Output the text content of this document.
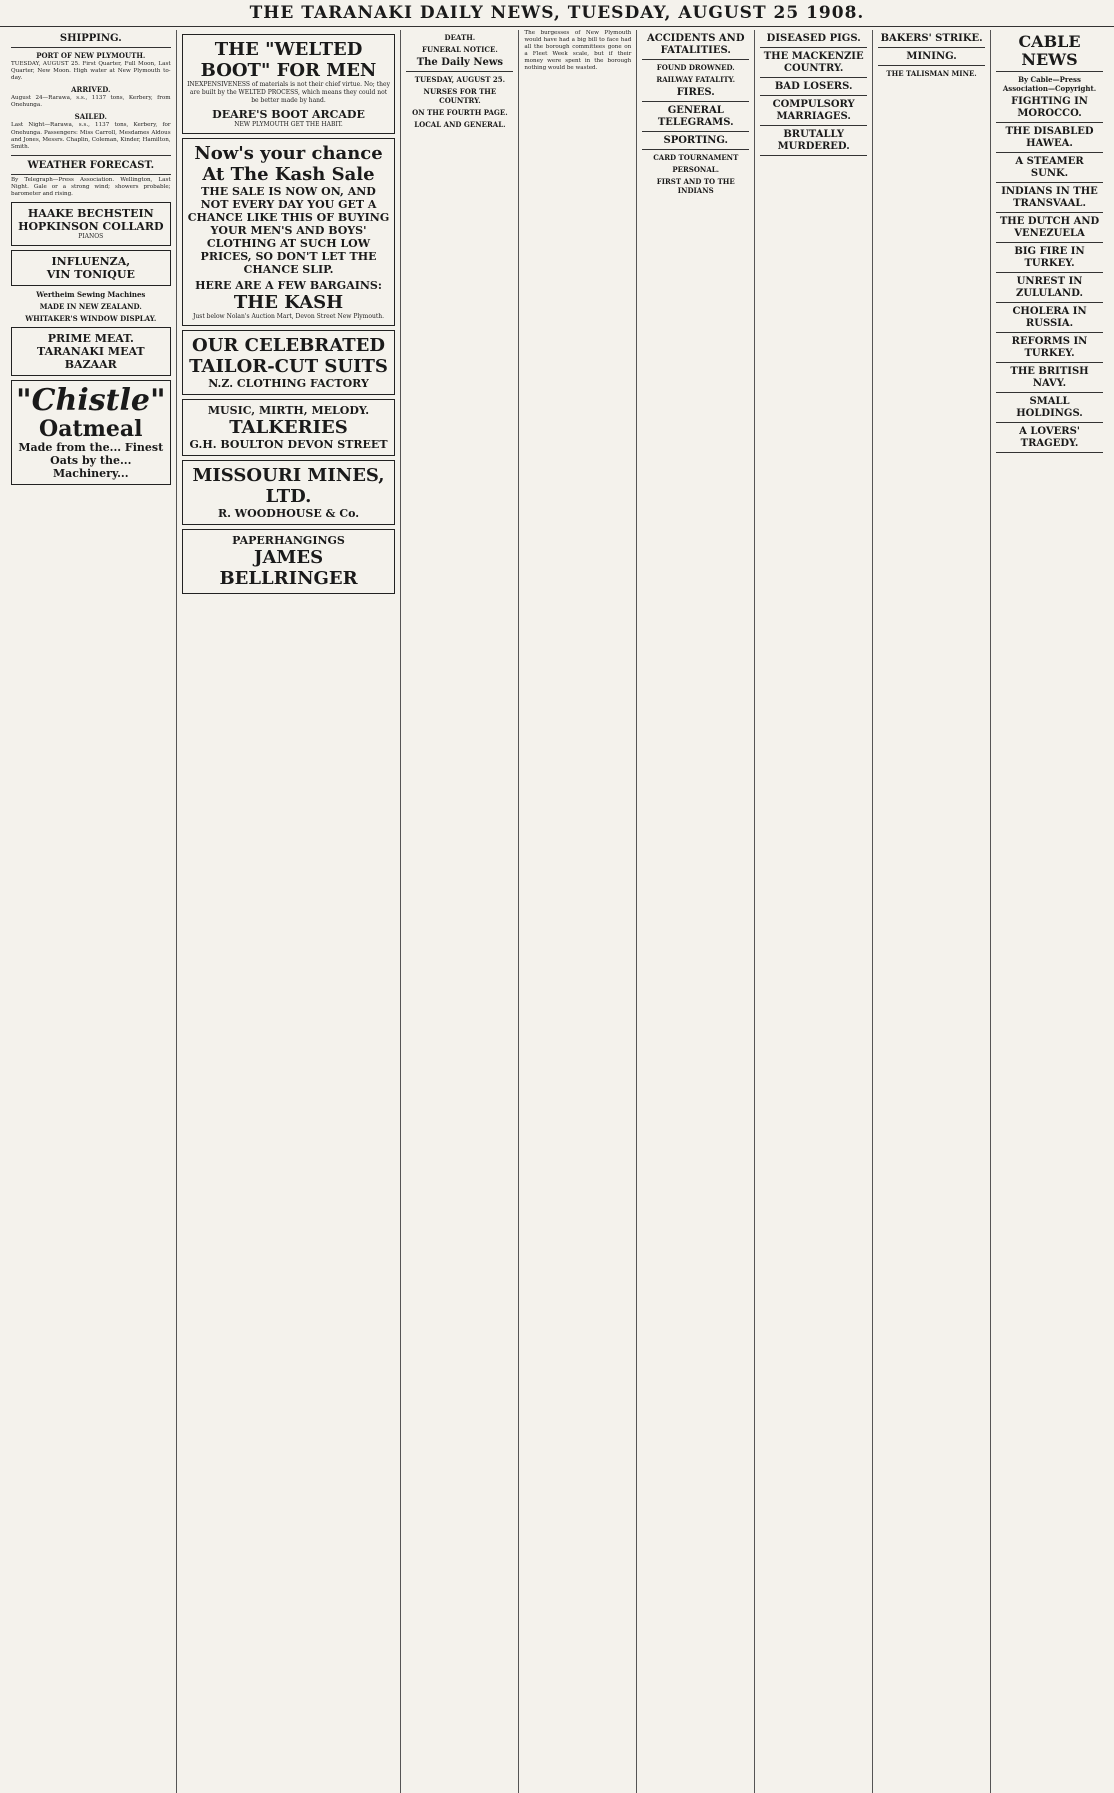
THE TARANAKI DAILY NEWS, TUESDAY, AUGUST 25 1908.
SHIPPING.
PORT OF NEW PLYMOUTH.

TUESDAY, AUGUST 25. First Quarter, Full Moon, Last Quarter, New Moon. High water at New Plymouth to-day.

ARRIVED.

August 24—Rarawa, s.s., 1137 tons, Kerbery, from Onehunga.

SAILED.

Last Night—Rarawa, s.s., 1137 tons, Kerbery, for Onehunga. Passengers: Miss Carroll, Mesdames Aldous and Jones, Messrs. Chaplin, Coleman, Kinder, Hamilton, Smith.

WEATHER FORECAST.

By Telegraph—Press Association. Wellington, Last Night. Gale or a strong wind; showers probable; barometer and rising.

HAAKE BECHSTEIN HOPKINSON COLLARD
PIANOS
INFLUENZA,
VIN TONIQUE
Wertheim Sewing Machines
MADE IN NEW ZEALAND.
WHITAKER'S WINDOW DISPLAY.
PRIME MEAT.
TARANAKI MEAT BAZAAR
"Chistle"
Oatmeal
Made from the... Finest Oats by the... Machinery...
THE "WELTED BOOT" FOR MEN

INEXPENSIVENESS of materials is not their chief virtue. No; they are built by the WELTED PROCESS, which means they could not be better made by hand.

DEARE'S BOOT ARCADE
NEW PLYMOUTH GET THE HABIT.
Now's your chance At The Kash Sale

THE SALE IS NOW ON, AND NOT EVERY DAY YOU GET A CHANCE LIKE THIS OF BUYING YOUR MEN'S AND BOYS' CLOTHING AT SUCH LOW PRICES, SO DON'T LET THE CHANCE SLIP.

HERE ARE A FEW BARGAINS:
THE KASH
Just below Nolan's Auction Mart, Devon Street New Plymouth.
OUR CELEBRATED TAILOR-CUT SUITS
N.Z. CLOTHING FACTORY
MUSIC, MIRTH, MELODY.
TALKERIES
G.H. BOULTON DEVON STREET
MISSOURI MINES, LTD.
R. WOODHOUSE & Co.
PAPERHANGINGS
JAMES BELLRINGER
DEATH.
FUNERAL NOTICE.
The Daily News
TUESDAY, AUGUST 25.
NURSES FOR THE COUNTRY.
ON THE FOURTH PAGE.
LOCAL AND GENERAL.

The burgesses of New Plymouth would have had a big bill to face had all the borough committees gone on a Fleet Week scale, but if their money were spent in the borough nothing would be wasted.

ACCIDENTS AND FATALITIES.
FOUND DROWNED.
RAILWAY FATALITY.
FIRES.
GENERAL TELEGRAMS.
SPORTING.
CARD TOURNAMENT
PERSONAL.
FIRST AND TO THE INDIANS
DISEASED PIGS.
THE MACKENZIE COUNTRY.
BAD LOSERS.
COMPULSORY MARRIAGES.
BRUTALLY MURDERED.
BAKERS' STRIKE.
MINING.
THE TALISMAN MINE.
CABLE NEWS
By Cable—Press Association—Copyright.
FIGHTING IN MOROCCO.
THE DISABLED HAWEA.
A STEAMER SUNK.
INDIANS IN THE TRANSVAAL.
THE DUTCH AND VENEZUELA
BIG FIRE IN TURKEY.
UNREST IN ZULULAND.
CHOLERA IN RUSSIA.
REFORMS IN TURKEY.
THE BRITISH NAVY.
SMALL HOLDINGS.
A LOVERS' TRAGEDY.
